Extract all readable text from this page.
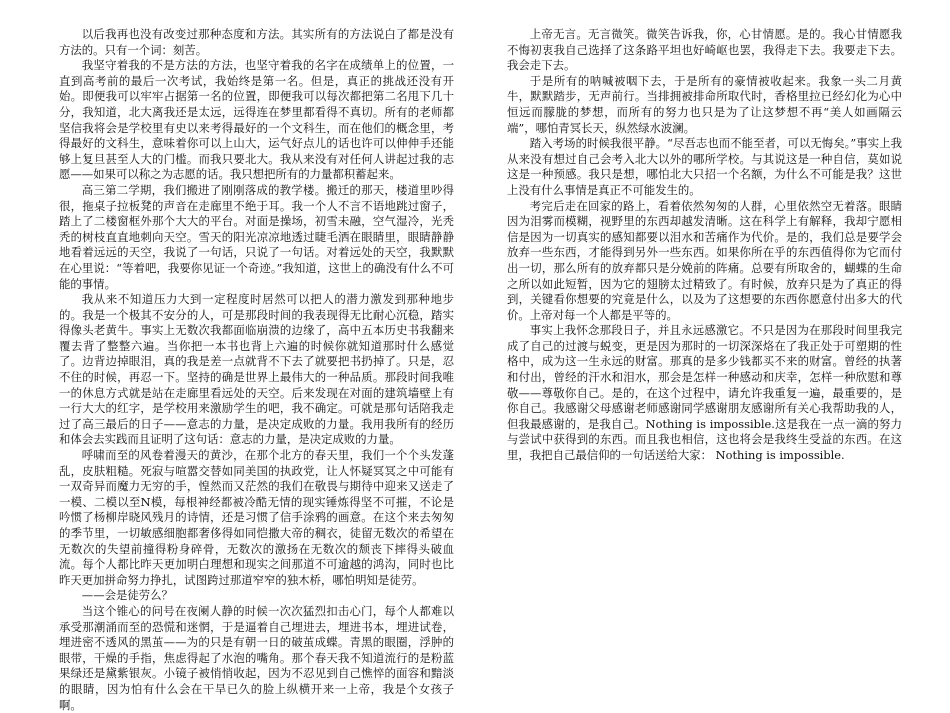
以后我再也没有改变过那种态度和方法。其实所有的方法说白了都是没有方法的。只有一个词：刻苦。

我坚守着我的不是方法的方法，也坚守着我的名字在成绩单上的位置，一直到高考前的最后一次考试，我始终是第一名。但是，真正的挑战还没有开始。即便我可以牢牢占据第一名的位置，即便我可以每次都把第二名甩下几十分，我知道，北大离我还是太远，远得连在梦里都看得不真切。所有的老师都坚信我将会是学校里有史以来考得最好的一个文科生，而在他们的概念里，考得最好的文科生，意味着你可以上山大，运气好点儿的话也许可以伸伸手还能够上复旦甚至人大的门槛。而我只要北大。我从来没有对任何人讲起过我的志愿——如果可以称之为志愿的话。我只想把所有的力量都积蓄起来。

高三第二学期，我们搬进了刚刚落成的教学楼。搬迁的那天，楼道里吵得很，拖桌子拉板凳的声音在走廊里不绝于耳。我一个人不言不语地跳过窗子，踏上了二楼窗框外那个大大的平台。对面是操场，初雪未融，空气湿冷，光秃秃的树枝直直地刺向天空。雪天的阳光凉凉地透过睫毛洒在眼睛里，眼睛静静地看着远远的天空，我说了一句话，只说了一句话。对着远处的天空，我默默在心里说：“等着吧，我要你见证一个奇迹。”我知道，这世上的确没有什么不可能的事情。

我从来不知道压力大到一定程度时居然可以把人的潜力激发到那种地步的。我是一个极其不安分的人，可是那段时间的我表现得无比耐心沉稳，踏实得像头老黄牛。事实上无数次我都面临崩溃的边缘了，高中五本历史书我翻来覆去背了整整六遍。当你把一本书也背上六遍的时候你就知道那时什么感觉了。边背边掉眼泪，真的我是差一点就背不下去了就要把书扔掉了。只是，忍不住的时候，再忍一下。坚持的确是世界上最伟大的一种品质。那段时间我唯一的休息方式就是站在走廊里看远处的天空。后来发现在对面的建筑墙壁上有一行大大的红字，是学校用来激励学生的吧，我不确定。可就是那句话陪我走过了高三最后的日子——意志的力量，是决定成败的力量。我用我所有的经历和体会去实践而且证明了这句话：意志的力量，是决定成败的力量。

呼啸而至的风卷着漫天的黄沙，在那个北方的春天里，我们一个个头发蓬乱，皮肤粗糙。死寂与喧嚣交替如同美国的执政党，让人怀疑冥冥之中可能有一双奇异而魔力无穷的手，惶然而又茫然的我们在敬畏与期待中迎来又送走了一模、二模以至N模，每根神经都被冷酷无情的现实锤炼得坚不可摧，不论是吟惯了杨柳岸晓风残月的诗情，还是习惯了信手涂鸦的画意。在这个来去匆匆的季节里，一切敏感细胞都奢侈得如同恺撒大帝的稠衣，徒留无数次的希望在无数次的失望前撞得粉身碎骨，无数次的激扬在无数次的颓丧下摔得头破血流。每个人都比昨天更加明白理想和现实之间那道不可逾越的鸿沟，同时也比昨天更加拼命努力挣扎，试图跨过那道窄窄的独木桥，哪怕明知是徒劳。

——会是徒劳么？

当这个锥心的问号在夜阑人静的时候一次次猛烈扣击心门，每个人都难以承受那潮涌而至的恐慌和迷惘，于是逼着自己埋进去，埋进书本，埋进试卷，埋进密不透风的黑茧——为的只是有朝一日的破茧成蝶。青黑的眼圈，浮肿的眼带，干燥的手指，焦虑得起了水泡的嘴角。那个春天我不知道流行的是粉蓝果绿还是黛紫银灰。小镜子被悄悄收起，因为不忍见到自己憔悴的面容和黯淡的眼睛，因为怕有什么会在干旱已久的脸上纵横开来一上帝，我是个女孩子啊。

上帝无言。无言微笑。微笑告诉我，你，心甘情愿。是的。我心甘情愿我不悔初衷我自己选择了这条路平坦也好崎岖也罢，我得走下去。我要走下去。我会走下去。

于是所有的呐喊被咽下去，于是所有的豪情被收起来。我象一头二月黄牛，默默踏步，无声前行。当排拥被排命所取代时，香格里拉已经幻化为心中恒远而朦胧的梦想，而所有的努力也只是为了让这梦想不再“美人如画隔云端”，哪怕青冥长天，纵然绿水波澜。

踏入考场的时候我很平静。“尽吾志也而不能至者，可以无悔矣。”事实上我从来没有想过自己会考入北大以外的哪所学校。与其说这是一种自信，莫如说这是一种预感。我只是想，哪怕北大只招一个名额，为什么不可能是我？这世上没有什么事情是真正不可能发生的。

考完后走在回家的路上，看着依然匆匆的人群，心里依然空无着落。眼睛因为泪雾而模糊，视野里的东西却越发清晰。这在科学上有解释，我却宁愿相信是因为一切真实的感知都要以泪水和苦痛作为代价。是的，我们总是要学会放弃一些东西，才能得到另外一些东西。如果你所在乎的东西值得你为它而付出一切，那么所有的放弃都只是分娩前的阵痛。总要有所取舍的，蝴蝶的生命之所以如此短暂，因为它的翅膀太过精致了。有时候，放弃只是为了真正的得到，关键看你想要的究竟是什么，以及为了这想要的东西你愿意付出多大的代价。上帝对每一个人都是平等的。

事实上我怀念那段日子，并且永远感激它。不只是因为在那段时间里我完成了自己的过渡与蜕变，更是因为那时的一切深深烙在了我正处于可塑期的性格中，成为这一生永远的财富。那真的是多少钱都买不来的财富。曾经的执著和付出，曾经的汗水和泪水，那会是怎样一种感动和庆幸，怎样一种欣慰和尊敬——尊敬你自己。是的，在这个过程中，请允许我重复一遍，最重要的，是你自己。我感谢父母感谢老师感谢同学感谢朋友感谢所有关心我帮助我的人，但我最感谢的，是我自己。Nothing is impossible.这是我在一点一滴的努力与尝试中获得到的东西。而且我也相信，这也将会是我终生受益的东西。在这里，我把自己最信仰的一句话送给大家： Nothing is impossible.
